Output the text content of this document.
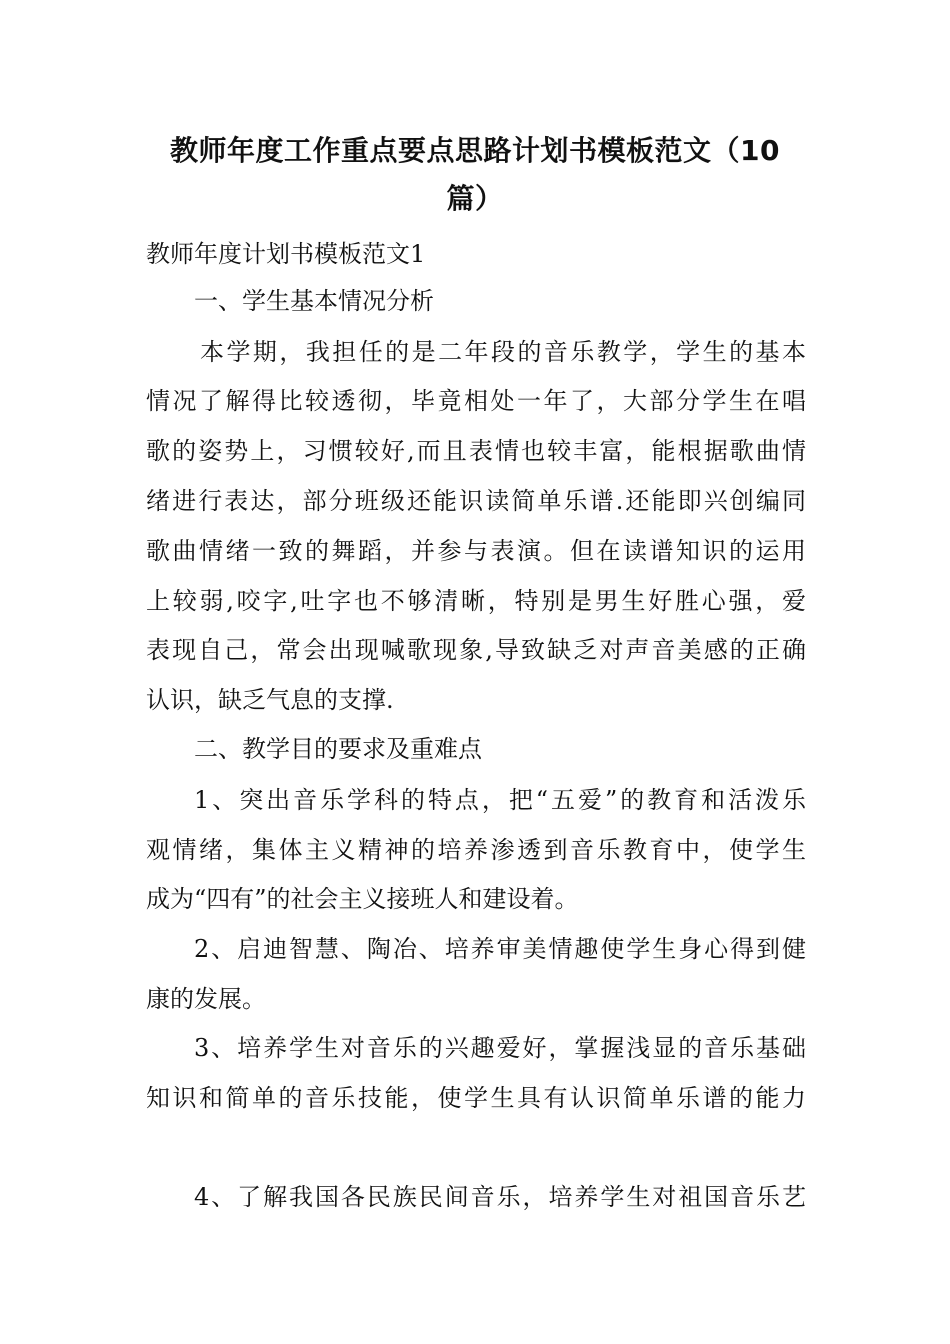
教师年度工作重点要点思路计划书模板范文（10
篇）

教师年度计划书模板范文1

一、学生基本情况分析

本学期，我担任的是二年段的音乐教学，学生的基本

情况了解得比较透彻，毕竟相处一年了，大部分学生在唱

歌的姿势上，习惯较好,而且表情也较丰富，能根据歌曲情

绪进行表达，部分班级还能识读简单乐谱.还能即兴创编同

歌曲情绪一致的舞蹈，并参与表演。但在读谱知识的运用

上较弱,咬字,吐字也不够清晰，特别是男生好胜心强，爱

表现自己，常会出现喊歌现象,导致缺乏对声音美感的正确

认识，缺乏气息的支撑.

二、教学目的要求及重难点

1、突出音乐学科的特点，把“五爱”的教育和活泼乐

观情绪，集体主义精神的培养渗透到音乐教育中，使学生

成为“四有”的社会主义接班人和建设着。

2、启迪智慧、陶冶、培养审美情趣使学生身心得到健

康的发展。

3、培养学生对音乐的兴趣爱好，掌握浅显的音乐基础

知识和简单的音乐技能，使学生具有认识简单乐谱的能力

4、了解我国各民族民间音乐，培养学生对祖国音乐艺
